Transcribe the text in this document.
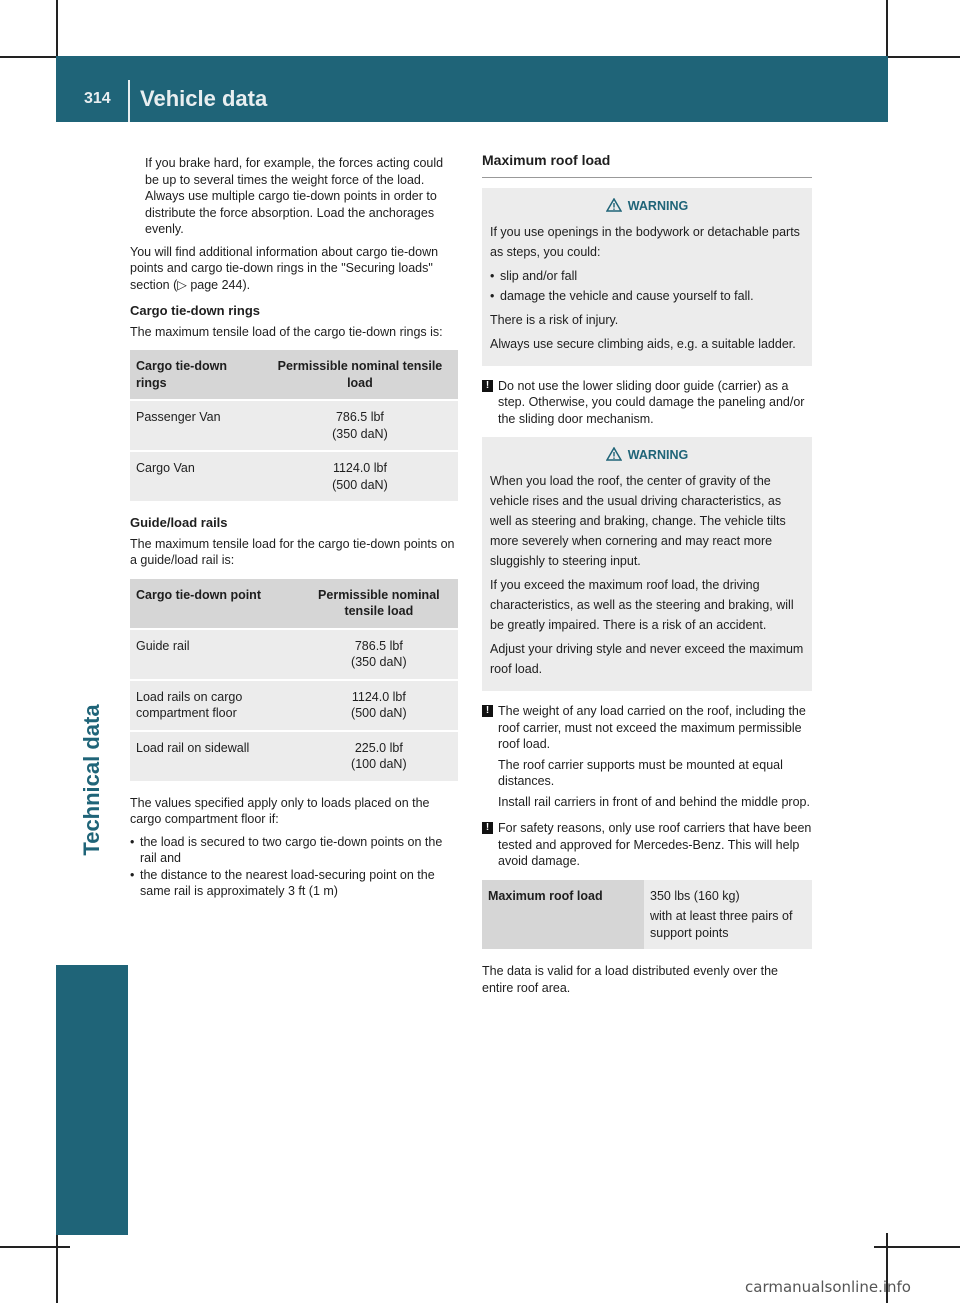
314 Vehicle data
Technical data

If you brake hard, for example, the forces acting could be up to several times the weight force of the load. Always use multiple cargo tie-down points in order to distribute the force absorption. Load the anchorages evenly.

You will find additional information about cargo tie-down points and cargo tie-down rings in the "Securing loads" section (▷ page 244).

Cargo tie-down rings

The maximum tensile load of the cargo tie-down rings is:

Cargo tie-down rings	Permissible nominal tensile load
Passenger Van	786.5 lbf
(350 daN)

Cargo Van	1124.0 lbf
(500 daN)
Guide/load rails

The maximum tensile load for the cargo tie-down points on a guide/load rail is:

Cargo tie-down point	Permissible nominal tensile load
Guide rail	786.5 lbf
(350 daN)

Load rails on cargo compartment floor	1124.0 lbf
(500 daN)

Load rail on sidewall	225.0 lbf
(100 daN)

The values specified apply only to loads placed on the cargo compartment floor if:

• the load is secured to two cargo tie-down points on the rail and
• the distance to the nearest load-securing point on the same rail is approximately 3 ft (1 m)
Maximum roof load
WARNING

If you use openings in the bodywork or detachable parts as steps, you could:

• slip and/or fall
• damage the vehicle and cause yourself to fall.

There is a risk of injury.

Always use secure climbing aids, e.g. a suitable ladder.

! Do not use the lower sliding door guide (carrier) as a step. Otherwise, you could damage the paneling and/or the sliding door mechanism.
WARNING

When you load the roof, the center of gravity of the vehicle rises and the usual driving characteristics, as well as steering and braking, change. The vehicle tilts more severely when cornering and may react more sluggishly to steering input.

If you exceed the maximum roof load, the driving characteristics, as well as the steering and braking, will be greatly impaired. There is a risk of an accident.

Adjust your driving style and never exceed the maximum roof load.

! The weight of any load carried on the roof, including the roof carrier, must not exceed the maximum permissible roof load.
The roof carrier supports must be mounted at equal distances.
Install rail carriers in front of and behind the middle prop.
! For safety reasons, only use roof carriers that have been tested and approved for Mercedes-Benz. This will help avoid damage.
Maximum roof load	350 lbs (160 kg)
with at least three pairs of support points

The data is valid for a load distributed evenly over the entire roof area.

carmanualsonline.info
